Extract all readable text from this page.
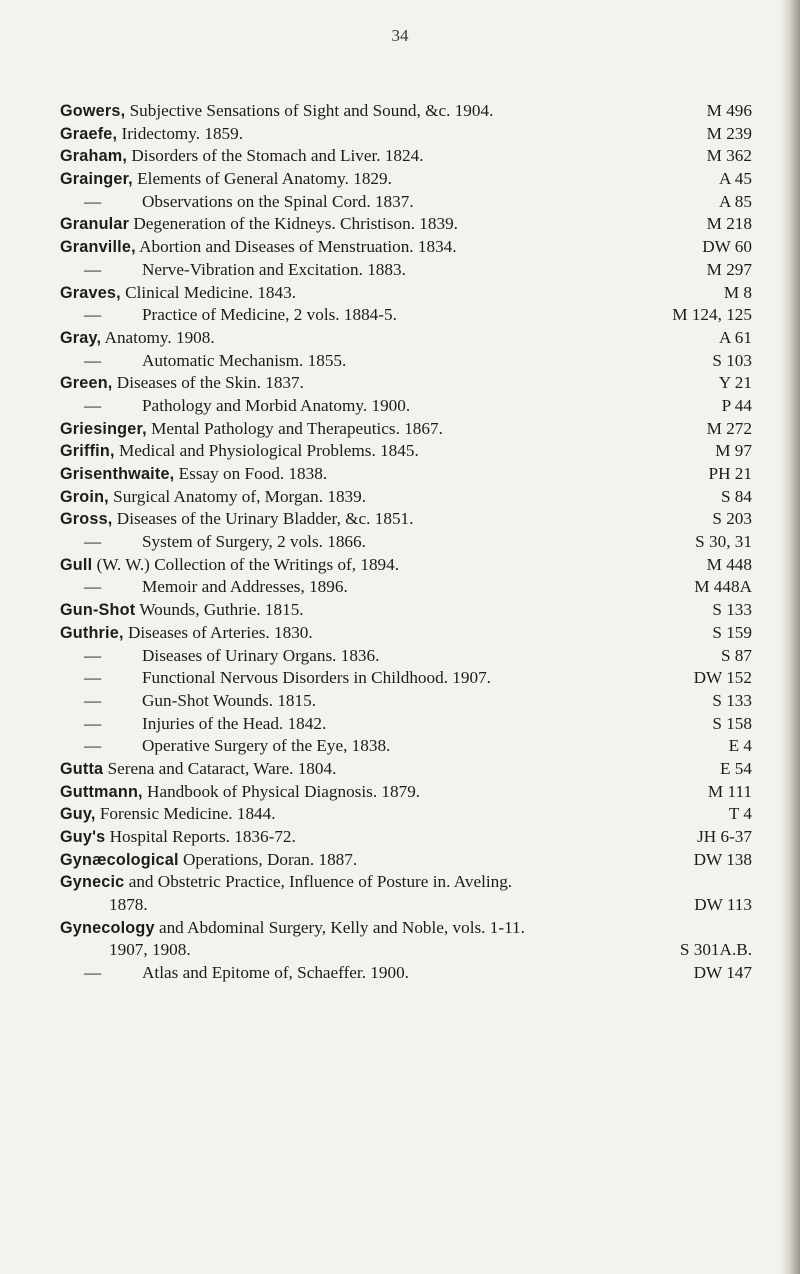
34
Gowers, Subjective Sensations of Sight and Sound, &c. 1904.	M 496
Graefe, Iridectomy. 1859.	M 239
Graham, Disorders of the Stomach and Liver. 1824.	M 362
Grainger, Elements of General Anatomy. 1829.	A 45
— Observations on the Spinal Cord. 1837.	A 85
Granular Degeneration of the Kidneys. Christison. 1839.	M 218
Granville, Abortion and Diseases of Menstruation. 1834.	DW 60
— Nerve-Vibration and Excitation. 1883.	M 297
Graves, Clinical Medicine. 1843.	M 8
— Practice of Medicine, 2 vols. 1884-5.	M 124, 125
Gray, Anatomy. 1908.	A 61
— Automatic Mechanism. 1855.	S 103
Green, Diseases of the Skin. 1837.	Y 21
— Pathology and Morbid Anatomy. 1900.	P 44
Griesinger, Mental Pathology and Therapeutics. 1867.	M 272
Griffin, Medical and Physiological Problems. 1845.	M 97
Grisenthwaite, Essay on Food. 1838.	PH 21
Groin, Surgical Anatomy of, Morgan. 1839.	S 84
Gross, Diseases of the Urinary Bladder, &c. 1851.	S 203
— System of Surgery, 2 vols. 1866.	S 30, 31
Gull (W. W.) Collection of the Writings of, 1894.	M 448
— Memoir and Addresses, 1896.	M 448A
Gun-Shot Wounds, Guthrie. 1815.	S 133
Guthrie, Diseases of Arteries. 1830.	S 159
— Diseases of Urinary Organs. 1836.	S 87
— Functional Nervous Disorders in Childhood. 1907.	DW 152
— Gun-Shot Wounds. 1815.	S 133
— Injuries of the Head. 1842.	S 158
— Operative Surgery of the Eye, 1838.	E 4
Gutta Serena and Cataract, Ware. 1804.	E 54
Guttmann, Handbook of Physical Diagnosis. 1879.	M 111
Guy, Forensic Medicine. 1844.	T 4
Guy's Hospital Reports. 1836-72.	JH 6-37
Gynæcological Operations, Doran. 1887.	DW 138
Gynecic and Obstetric Practice, Influence of Posture in. Aveling.
1878.	DW 113
Gynecology and Abdominal Surgery, Kelly and Noble, vols. 1-11.
1907, 1908.	S 301A.B.
— Atlas and Epitome of, Schaeffer. 1900.	DW 147
